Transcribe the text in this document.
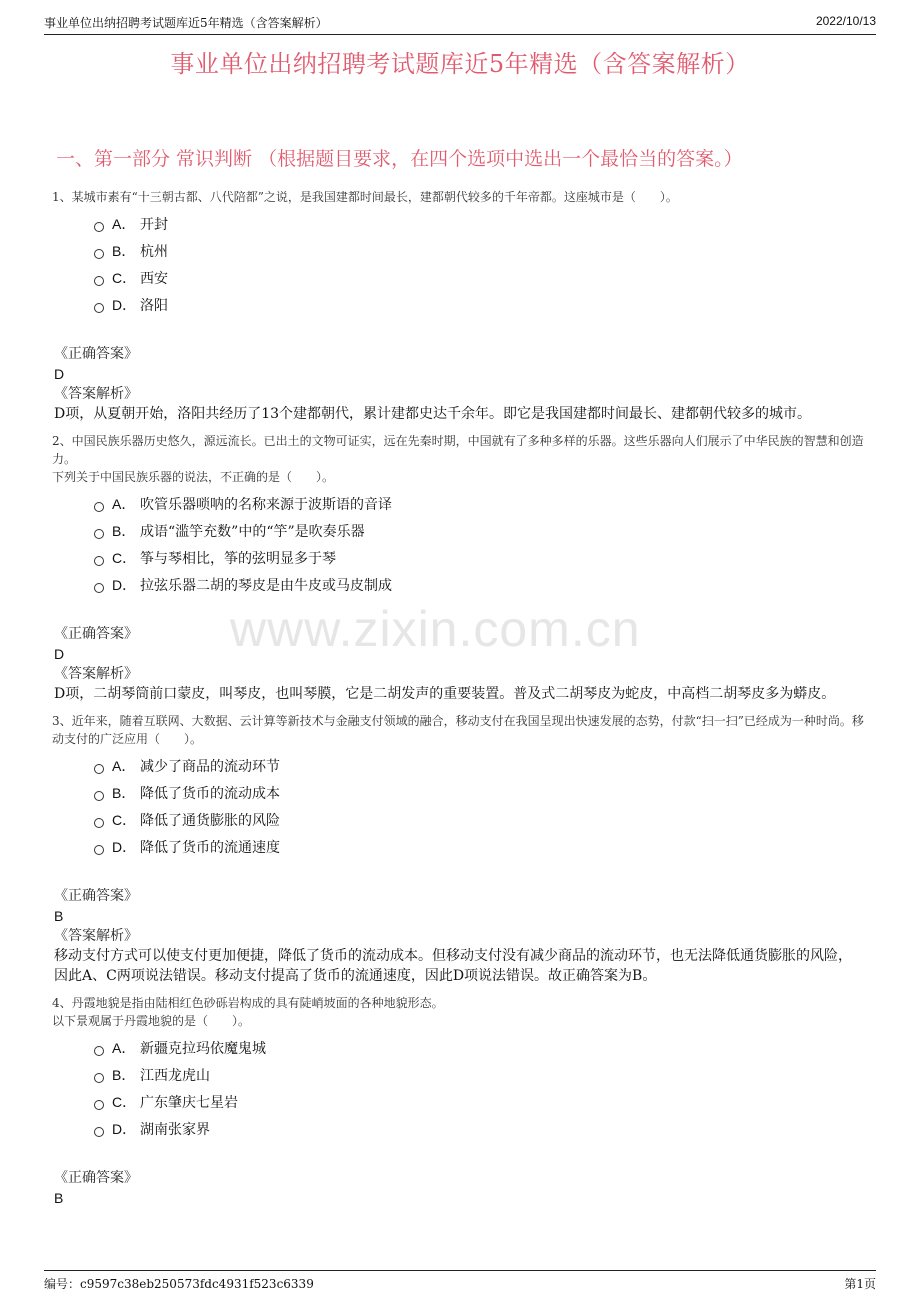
事业单位出纳招聘考试题库近5年精选（含答案解析）	2022/10/13
事业单位出纳招聘考试题库近5年精选（含答案解析）
一、第一部分 常识判断 （根据题目要求，在四个选项中选出一个最恰当的答案。）
www.zixin.com.cn

1、某城市素有“十三朝古都、八代陪都”之说，是我国建都时间最长，建都朝代较多的千年帝都。这座城市是（　　）。

A． 开封
B． 杭州
C． 西安
D． 洛阳
《正确答案》
D
《答案解析》
D项，从夏朝开始，洛阳共经历了13个建都朝代，累计建都史达千余年。即它是我国建都时间最长、建都朝代较多的城市。

2、中国民族乐器历史悠久，源远流长。已出土的文物可证实，远在先秦时期，中国就有了多种多样的乐器。这些乐器向人们展示了中华民族的智慧和创造力。

下列关于中国民族乐器的说法，不正确的是（　　）。

A． 吹管乐器唢呐的名称来源于波斯语的音译
B． 成语“滥竽充数”中的“竽”是吹奏乐器
C． 筝与琴相比，筝的弦明显多于琴
D． 拉弦乐器二胡的琴皮是由牛皮或马皮制成
《正确答案》
D
《答案解析》
D项，二胡琴筒前口蒙皮，叫琴皮，也叫琴膜，它是二胡发声的重要装置。普及式二胡琴皮为蛇皮，中高档二胡琴皮多为蟒皮。

3、近年来，随着互联网、大数据、云计算等新技术与金融支付领域的融合，移动支付在我国呈现出快速发展的态势，付款“扫一扫”已经成为一种时尚。移动支付的广泛应用（　　）。

A． 减少了商品的流动环节
B． 降低了货币的流动成本
C． 降低了通货膨胀的风险
D． 降低了货币的流通速度
《正确答案》
B
《答案解析》
移动支付方式可以使支付更加便捷，降低了货币的流动成本。但移动支付没有减少商品的流动环节，也无法降低通货膨胀的风险，因此A、C两项说法错误。移动支付提高了货币的流通速度，因此D项说法错误。故正确答案为B。

4、丹霞地貌是指由陆相红色砂砾岩构成的具有陡峭坡面的各种地貌形态。

以下景观属于丹霞地貌的是（　　）。

A． 新疆克拉玛依魔鬼城
B． 江西龙虎山
C． 广东肇庆七星岩
D． 湖南张家界
《正确答案》
B
编号：c9597c38eb250573fdc4931f523c6339	第1页
